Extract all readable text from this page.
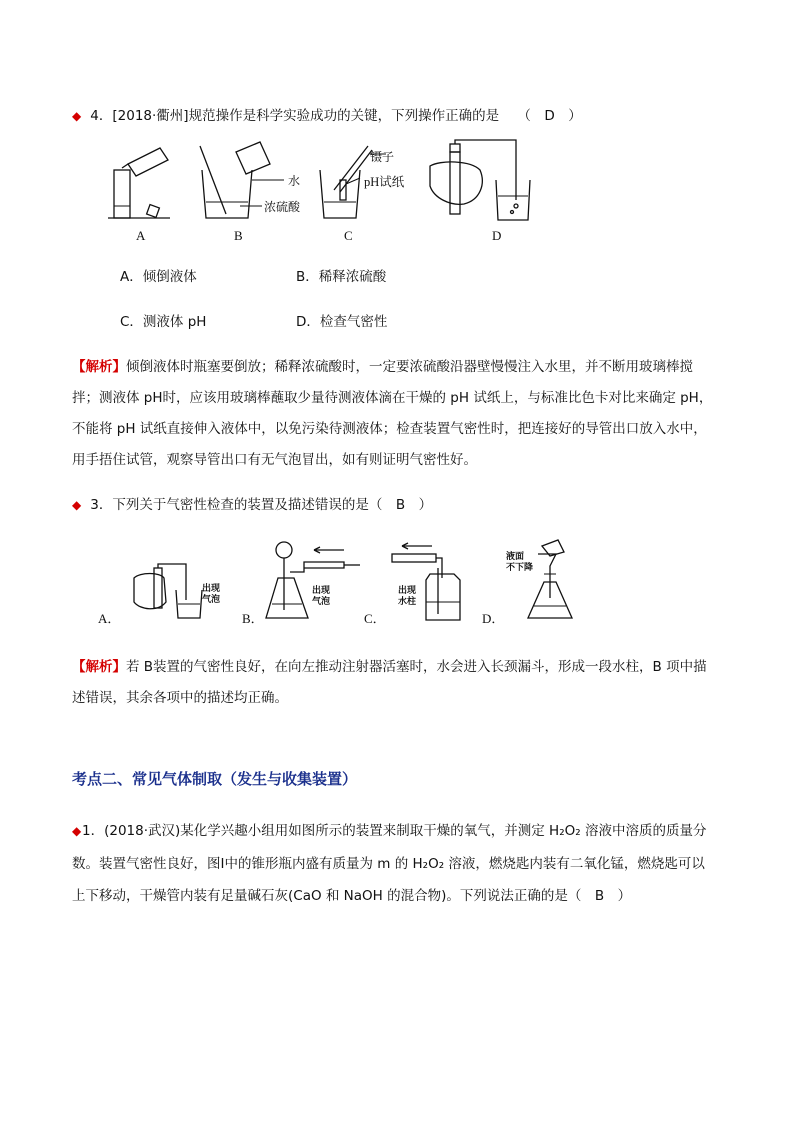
◆ 4．[2018·衢州]规范操作是科学实验成功的关键，下列操作正确的是 （　D　）
A
水
浓硫酸
B
镊子
pH试纸
C	D
A．倾倒液体	B．稀释浓硫酸
C．测液体 pH	D．检查气密性
【解析】倾倒液体时瓶塞要倒放；稀释浓硫酸时，一定要浓硫酸沿器壁慢慢注入水里，并不断用玻璃棒搅
拌；测液体 pH时，应该用玻璃棒蘸取少量待测液体滴在干燥的 pH 试纸上，与标准比色卡对比来确定 pH，
不能将 pH 试纸直接伸入液体中，以免污染待测液体；检查装置气密性时，把连接好的导管出口放入水中，
用手捂住试管，观察导管出口有无气泡冒出，如有则证明气密性好。
◆ 3．下列关于气密性检查的装置及描述错误的是（　B　）
A．
出现
气泡
B．
出现
气泡
C．
出现
水柱
D．
液面
不下降
【解析】若 B装置的气密性良好，在向左推动注射器活塞时，水会进入长颈漏斗，形成一段水柱，B 项中描
述错误，其余各项中的描述均正确。
考点二、常见气体制取（发生与收集装置）
◆1．(2018·武汉)某化学兴趣小组用如图所示的装置来制取干燥的氧气，并测定 H₂O₂ 溶液中溶质的质量分
数。装置气密性良好，图Ⅰ中的锥形瓶内盛有质量为 m 的 H₂O₂ 溶液，燃烧匙内装有二氧化锰，燃烧匙可以
上下移动，干燥管内装有足量碱石灰(CaO 和 NaOH 的混合物)。下列说法正确的是（　B　）
